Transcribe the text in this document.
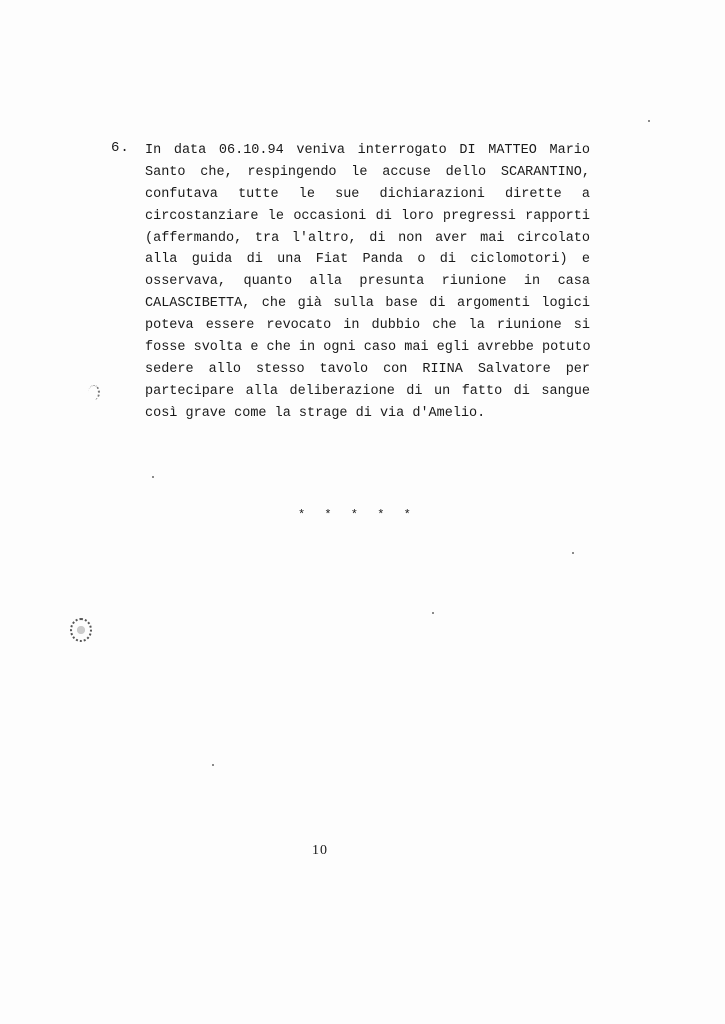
6. In data 06.10.94 veniva interrogato DI MATTEO Mario
Santo che, respingendo le accuse dello SCARANTINO,
confutava tutte le sue dichiarazioni dirette a
circostanziare le occasioni di loro pregressi rapporti
(affermando, tra l'altro, di non aver mai circolato
alla guida di una Fiat Panda o di ciclomotori) e
osservava, quanto alla presunta riunione in casa
CALASCIBETTA, che già sulla base di argomenti logici
poteva essere revocato in dubbio che la riunione si
fosse svolta e che in ogni caso mai egli avrebbe potuto
sedere allo stesso tavolo con RIINA Salvatore per
partecipare alla deliberazione di un fatto di sangue
così grave come la strage di via d'Amelio.
* * * * *
10
